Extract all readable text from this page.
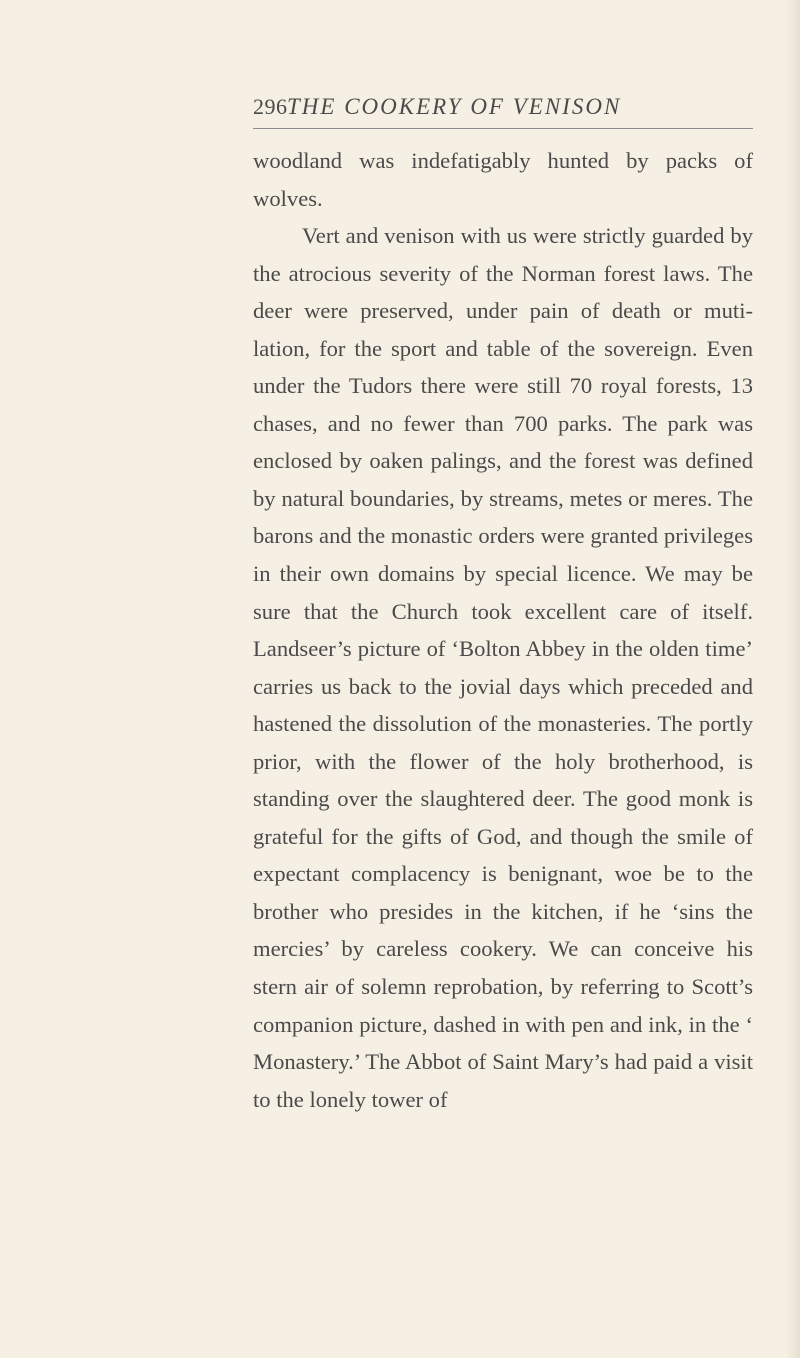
296 THE COOKERY OF VENISON

woodland was indefatigably hunted by packs of wolves.

Vert and venison with us were strictly guarded by the atrocious severity of the Norman forest laws. The deer were preserved, under pain of death or muti-lation, for the sport and table of the sovereign. Even under the Tudors there were still 70 royal forests, 13 chases, and no fewer than 700 parks. The park was enclosed by oaken palings, and the forest was defined by natural boundaries, by streams, metes or meres. The barons and the monastic orders were granted privileges in their own domains by special licence. We may be sure that the Church took excellent care of itself. Landseer’s picture of ‘Bolton Abbey in the olden time’ carries us back to the jovial days which preceded and hastened the dissolution of the monasteries. The portly prior, with the flower of the holy brotherhood, is standing over the slaughtered deer. The good monk is grateful for the gifts of God, and though the smile of expectant complacency is benignant, woe be to the brother who presides in the kitchen, if he ‘sins the mercies’ by careless cookery. We can conceive his stern air of solemn reprobation, by referring to Scott’s companion picture, dashed in with pen and ink, in the ‘ Monastery.’ The Abbot of Saint Mary’s had paid a visit to the lonely tower of
